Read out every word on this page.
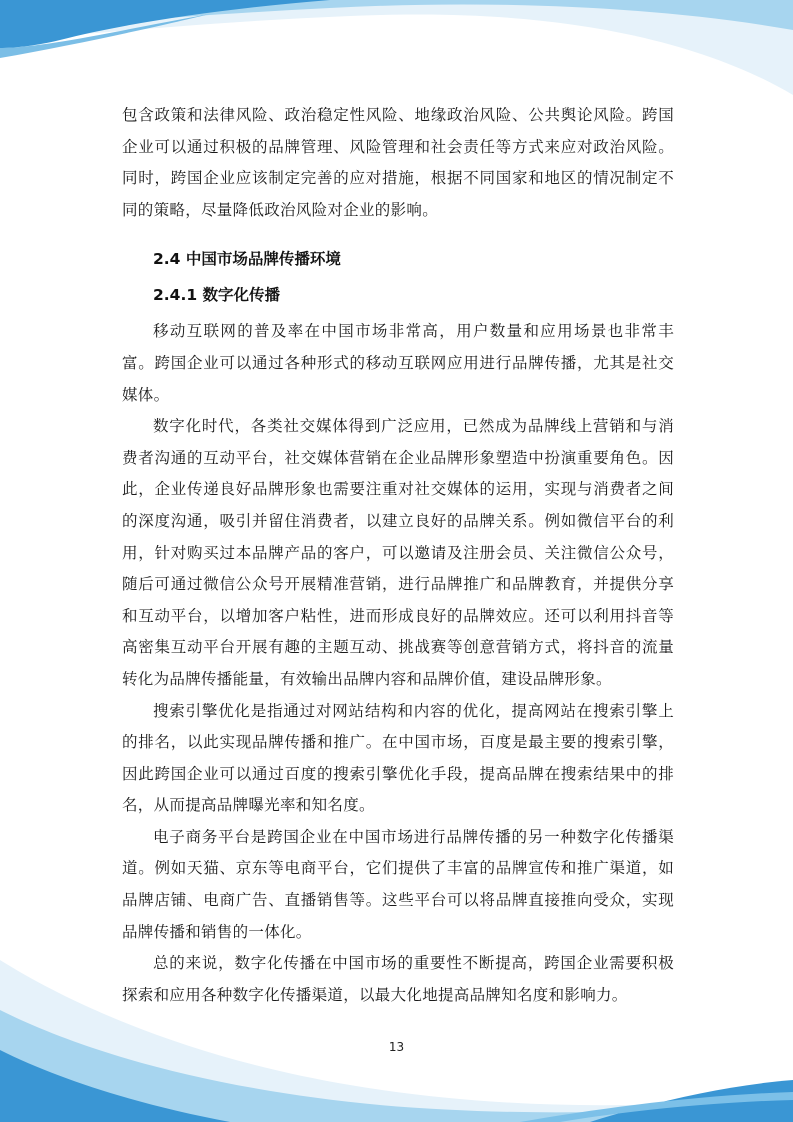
包含政策和法律风险、政治稳定性风险、地缘政治风险、公共舆论风险。跨国企业可以通过积极的品牌管理、风险管理和社会责任等方式来应对政治风险。同时，跨国企业应该制定完善的应对措施，根据不同国家和地区的情况制定不同的策略，尽量降低政治风险对企业的影响。

2.4 中国市场品牌传播环境
2.4.1 数字化传播

移动互联网的普及率在中国市场非常高，用户数量和应用场景也非常丰富。跨国企业可以通过各种形式的移动互联网应用进行品牌传播，尤其是社交媒体。

数字化时代，各类社交媒体得到广泛应用，已然成为品牌线上营销和与消费者沟通的互动平台，社交媒体营销在企业品牌形象塑造中扮演重要角色。因此，企业传递良好品牌形象也需要注重对社交媒体的运用，实现与消费者之间的深度沟通，吸引并留住消费者，以建立良好的品牌关系。例如微信平台的利用，针对购买过本品牌产品的客户，可以邀请及注册会员、关注微信公众号，随后可通过微信公众号开展精准营销，进行品牌推广和品牌教育，并提供分享和互动平台，以增加客户粘性，进而形成良好的品牌效应。还可以利用抖音等高密集互动平台开展有趣的主题互动、挑战赛等创意营销方式，将抖音的流量转化为品牌传播能量，有效输出品牌内容和品牌价值，建设品牌形象。

搜索引擎优化是指通过对网站结构和内容的优化，提高网站在搜索引擎上的排名，以此实现品牌传播和推广。在中国市场，百度是最主要的搜索引擎，因此跨国企业可以通过百度的搜索引擎优化手段，提高品牌在搜索结果中的排名，从而提高品牌曝光率和知名度。

电子商务平台是跨国企业在中国市场进行品牌传播的另一种数字化传播渠道。例如天猫、京东等电商平台，它们提供了丰富的品牌宣传和推广渠道，如品牌店铺、电商广告、直播销售等。这些平台可以将品牌直接推向受众，实现品牌传播和销售的一体化。

总的来说，数字化传播在中国市场的重要性不断提高，跨国企业需要积极探索和应用各种数字化传播渠道，以最大化地提高品牌知名度和影响力。

13
